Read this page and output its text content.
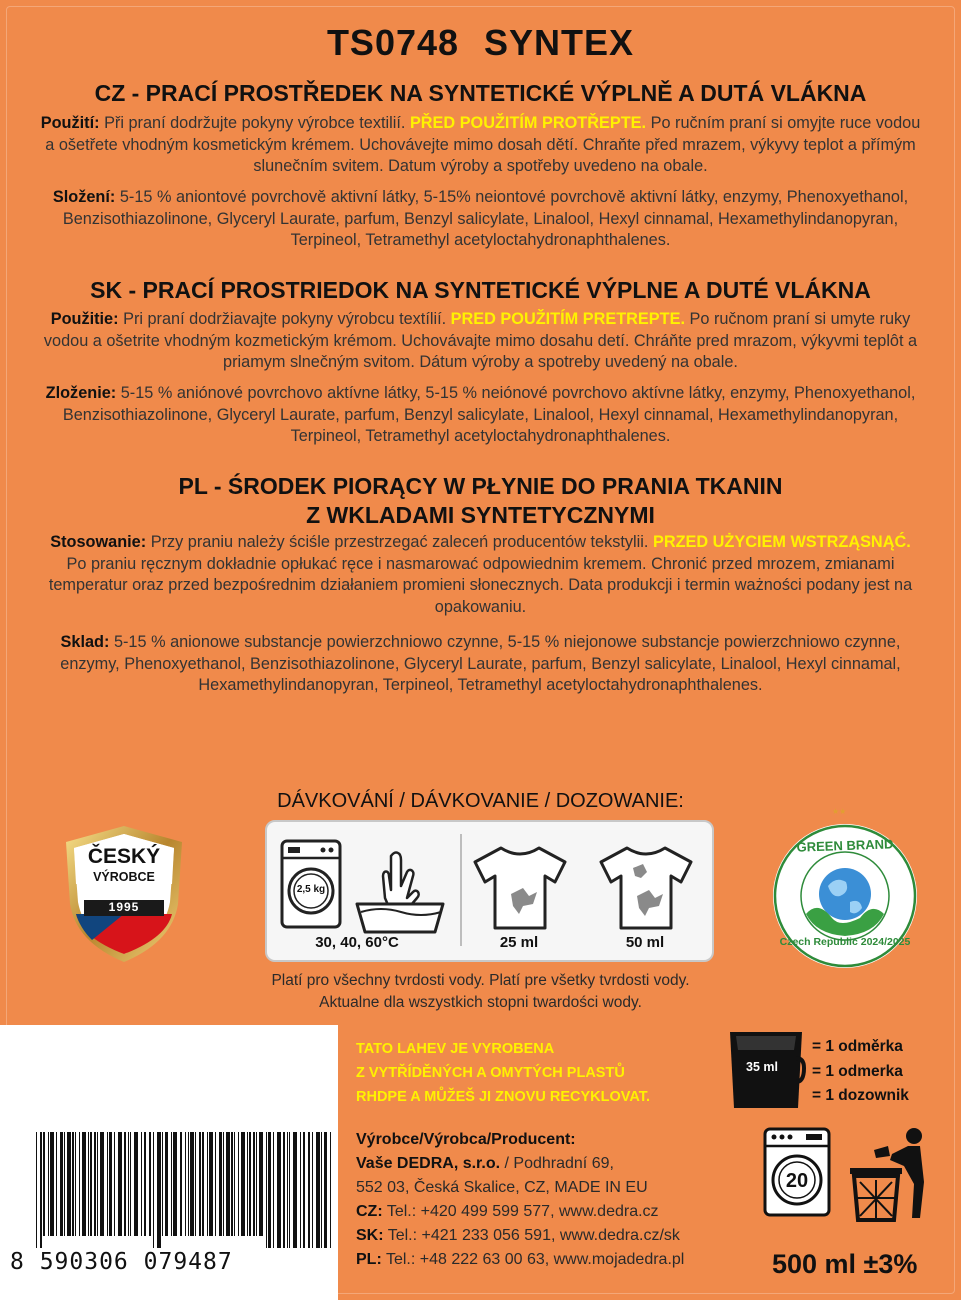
TS0748 SYNTEX
CZ - PRACÍ PROSTŘEDEK NA SYNTETICKÉ VÝPLNĚ A DUTÁ VLÁKNA
Použití: Při praní dodržujte pokyny výrobce textilií. PŘED POUŽITÍM PROTŘEPTE. Po ručním praní si omyjte ruce vodou a ošetřete vhodným kosmetickým krémem. Uchovávejte mimo dosah dětí. Chraňte před mrazem, výkyvy teplot a přímým slunečním svitem. Datum výroby a spotřeby uvedeno na obale.
Složení: 5-15 % aniontové povrchově aktivní látky, 5-15% neiontové povrchově aktivní látky, enzymy, Phenoxyethanol, Benzisothiazolinone, Glyceryl Laurate, parfum, Benzyl salicylate, Linalool, Hexyl cinnamal, Hexamethylindanopyran, Terpineol, Tetramethyl acetyloctahydronaphthalenes.
SK - PRACÍ PROSTRIEDOK NA SYNTETICKÉ VÝPLNE A DUTÉ VLÁKNA
Použitie: Pri praní dodržiavajte pokyny výrobcu textílií. PRED POUŽITÍM PRETREPTE. Po ručnom praní si umyte ruky vodou a ošetrite vhodným kozmetickým krémom. Uchovávajte mimo dosahu detí. Chráňte pred mrazom, výkyvmi teplôt a priamym slnečným svitom. Dátum výroby a spotreby uvedený na obale.
Zloženie: 5-15 % aniónové povrchovo aktívne látky, 5-15 % neiónové povrchovo aktívne látky, enzymy, Phenoxyethanol, Benzisothiazolinone, Glyceryl Laurate, parfum, Benzyl salicylate, Linalool, Hexyl cinnamal, Hexamethylindanopyran, Terpineol, Tetramethyl acetyloctahydronaphthalenes.
PL - ŚRODEK PIORĄCY W PŁYNIE DO PRANIA TKANIN
Z WKLADAMI SYNTETYCZNYMI
Stosowanie: Przy praniu należy ściśle przestrzegać zaleceń producentów tekstylii. PRZED UŻYCIEM WSTRZĄSNĄĆ. Po praniu ręcznym dokładnie opłukać ręce i nasmarować odpowiednim kremem. Chronić przed mrozem, zmianami temperatur oraz przed bezpośrednim działaniem promieni słonecznych. Data produkcji i termin ważności podany jest na opakowaniu.
Sklad: 5-15 % anionowe substancje powierzchniowo czynne, 5-15 % niejonowe substancje powierzchniowo czynne, enzymy, Phenoxyethanol, Benzisothiazolinone, Glyceryl Laurate, parfum, Benzyl salicylate, Linalool, Hexyl cinnamal, Hexamethylindanopyran, Terpineol, Tetramethyl acetyloctahydronaphthalenes.
DÁVKOVÁNÍ / DÁVKOVANIE / DOZOWANIE:
2,5 kg
30, 40, 60°C	25 ml	50 ml
Platí pro všechny tvrdosti vody. Platí pre všetky tvrdosti vody.
Aktualne dla wszystkich stopni twardości wody.
ČESKÝ
VÝROBCE
1995
★★
GREEN BRAND
Czech Republic 2024/2025
8 590306 079487
TATO LAHEV JE VYROBENA
Z VYTŘÍDĚNÝCH A OMYTÝCH PLASTŮ
RHDPE A MŮŽEŠ JI ZNOVU RECYKLOVAT.
35 ml
= 1 odměrka
= 1 odmerka
= 1 dozownik
Výrobce/Výrobca/Producent:
Vaše DEDRA, s.r.o. / Podhradní 69,
552 03, Česká Skalice, CZ, MADE IN EU
CZ: Tel.: +420 499 599 577, www.dedra.cz
SK: Tel.: +421 233 056 591, www.dedra.cz/sk
PL: Tel.: +48 222 63 00 63, www.mojadedra.pl
20
500 ml ±3%
